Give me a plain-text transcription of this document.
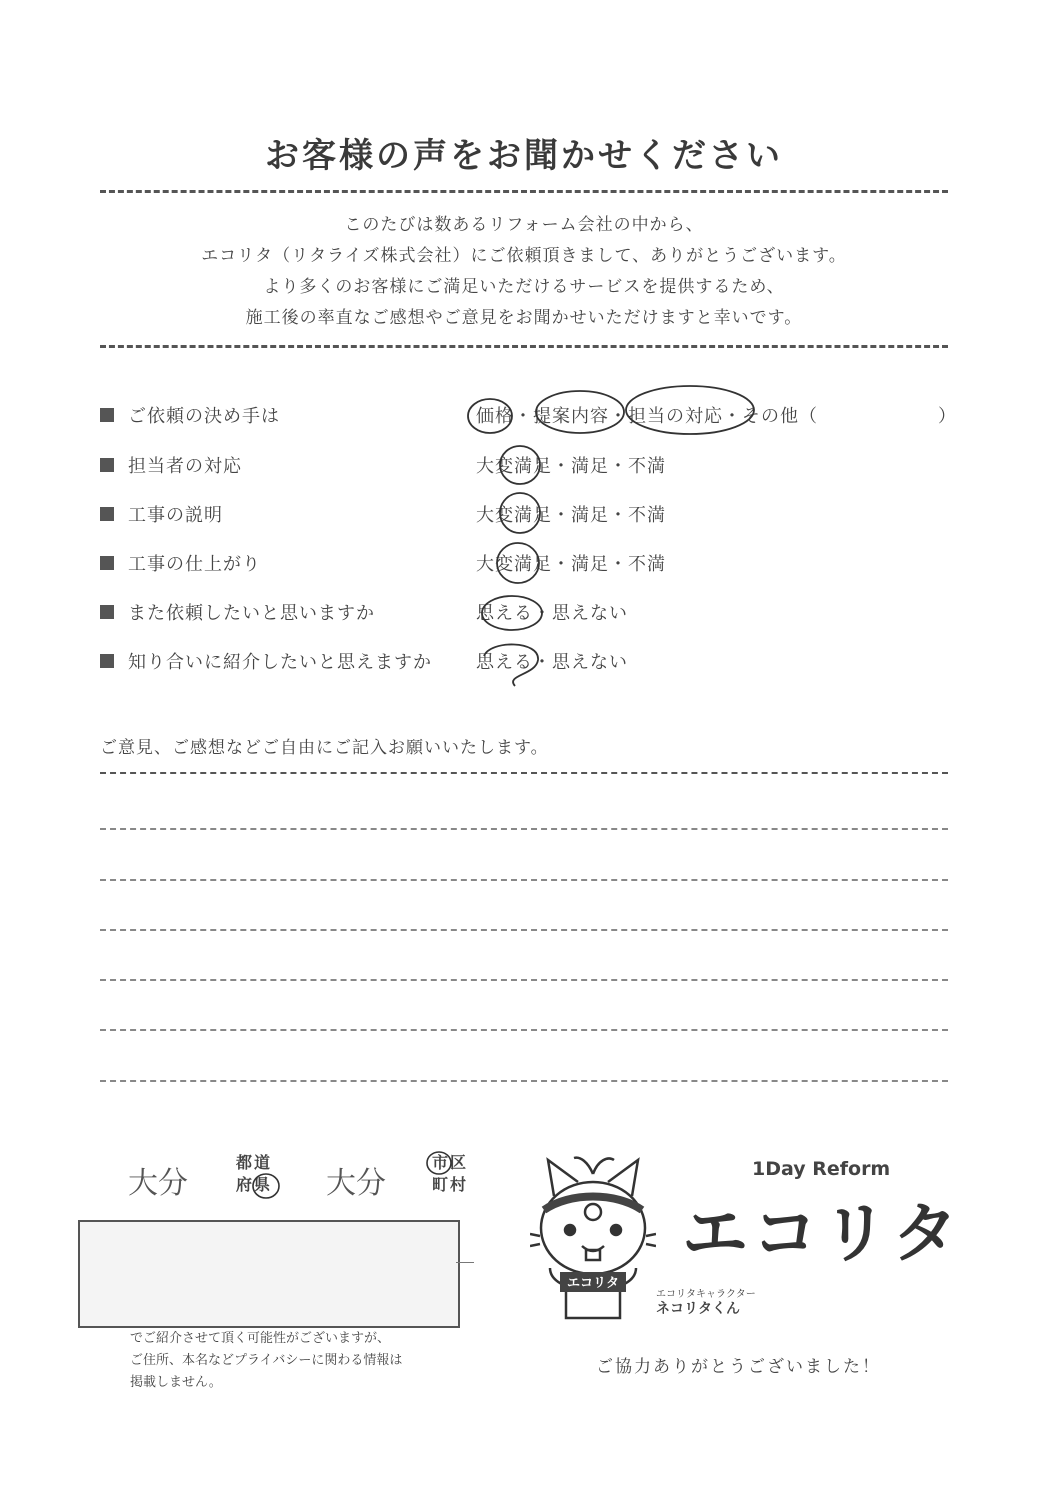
お客様の声をお聞かせください
このたびは数あるリフォーム会社の中から、
エコリタ（リタライズ株式会社）にご依頼頂きまして、ありがとうございます。
より多くのお客様にご満足いただけるサービスを提供するため、
施工後の率直なご感想やご意見をお聞かせいただけますと幸いです。
ご依頼の決め手は	価格・提案内容・担当の対応・その他（	）
担当者の対応	大変満足・満足・不満
工事の説明	大変満足・満足・不満
工事の仕上がり	大変満足・満足・不満
また依頼したいと思いますか	思える・思えない
知り合いに紹介したいと思えますか 思える・思えない
ご意見、ご感想などご自由にご記入お願いいたします。
大分
都道
府県 大分
市区
町村
でご紹介させて頂く可能性がございますが、
ご住所、本名などプライバシーに関わる情報は
掲載しません。
エコリタ
1Day Reform
エコリタ
エコリタキャラクター
ネコリタくん
ご協力ありがとうございました！
